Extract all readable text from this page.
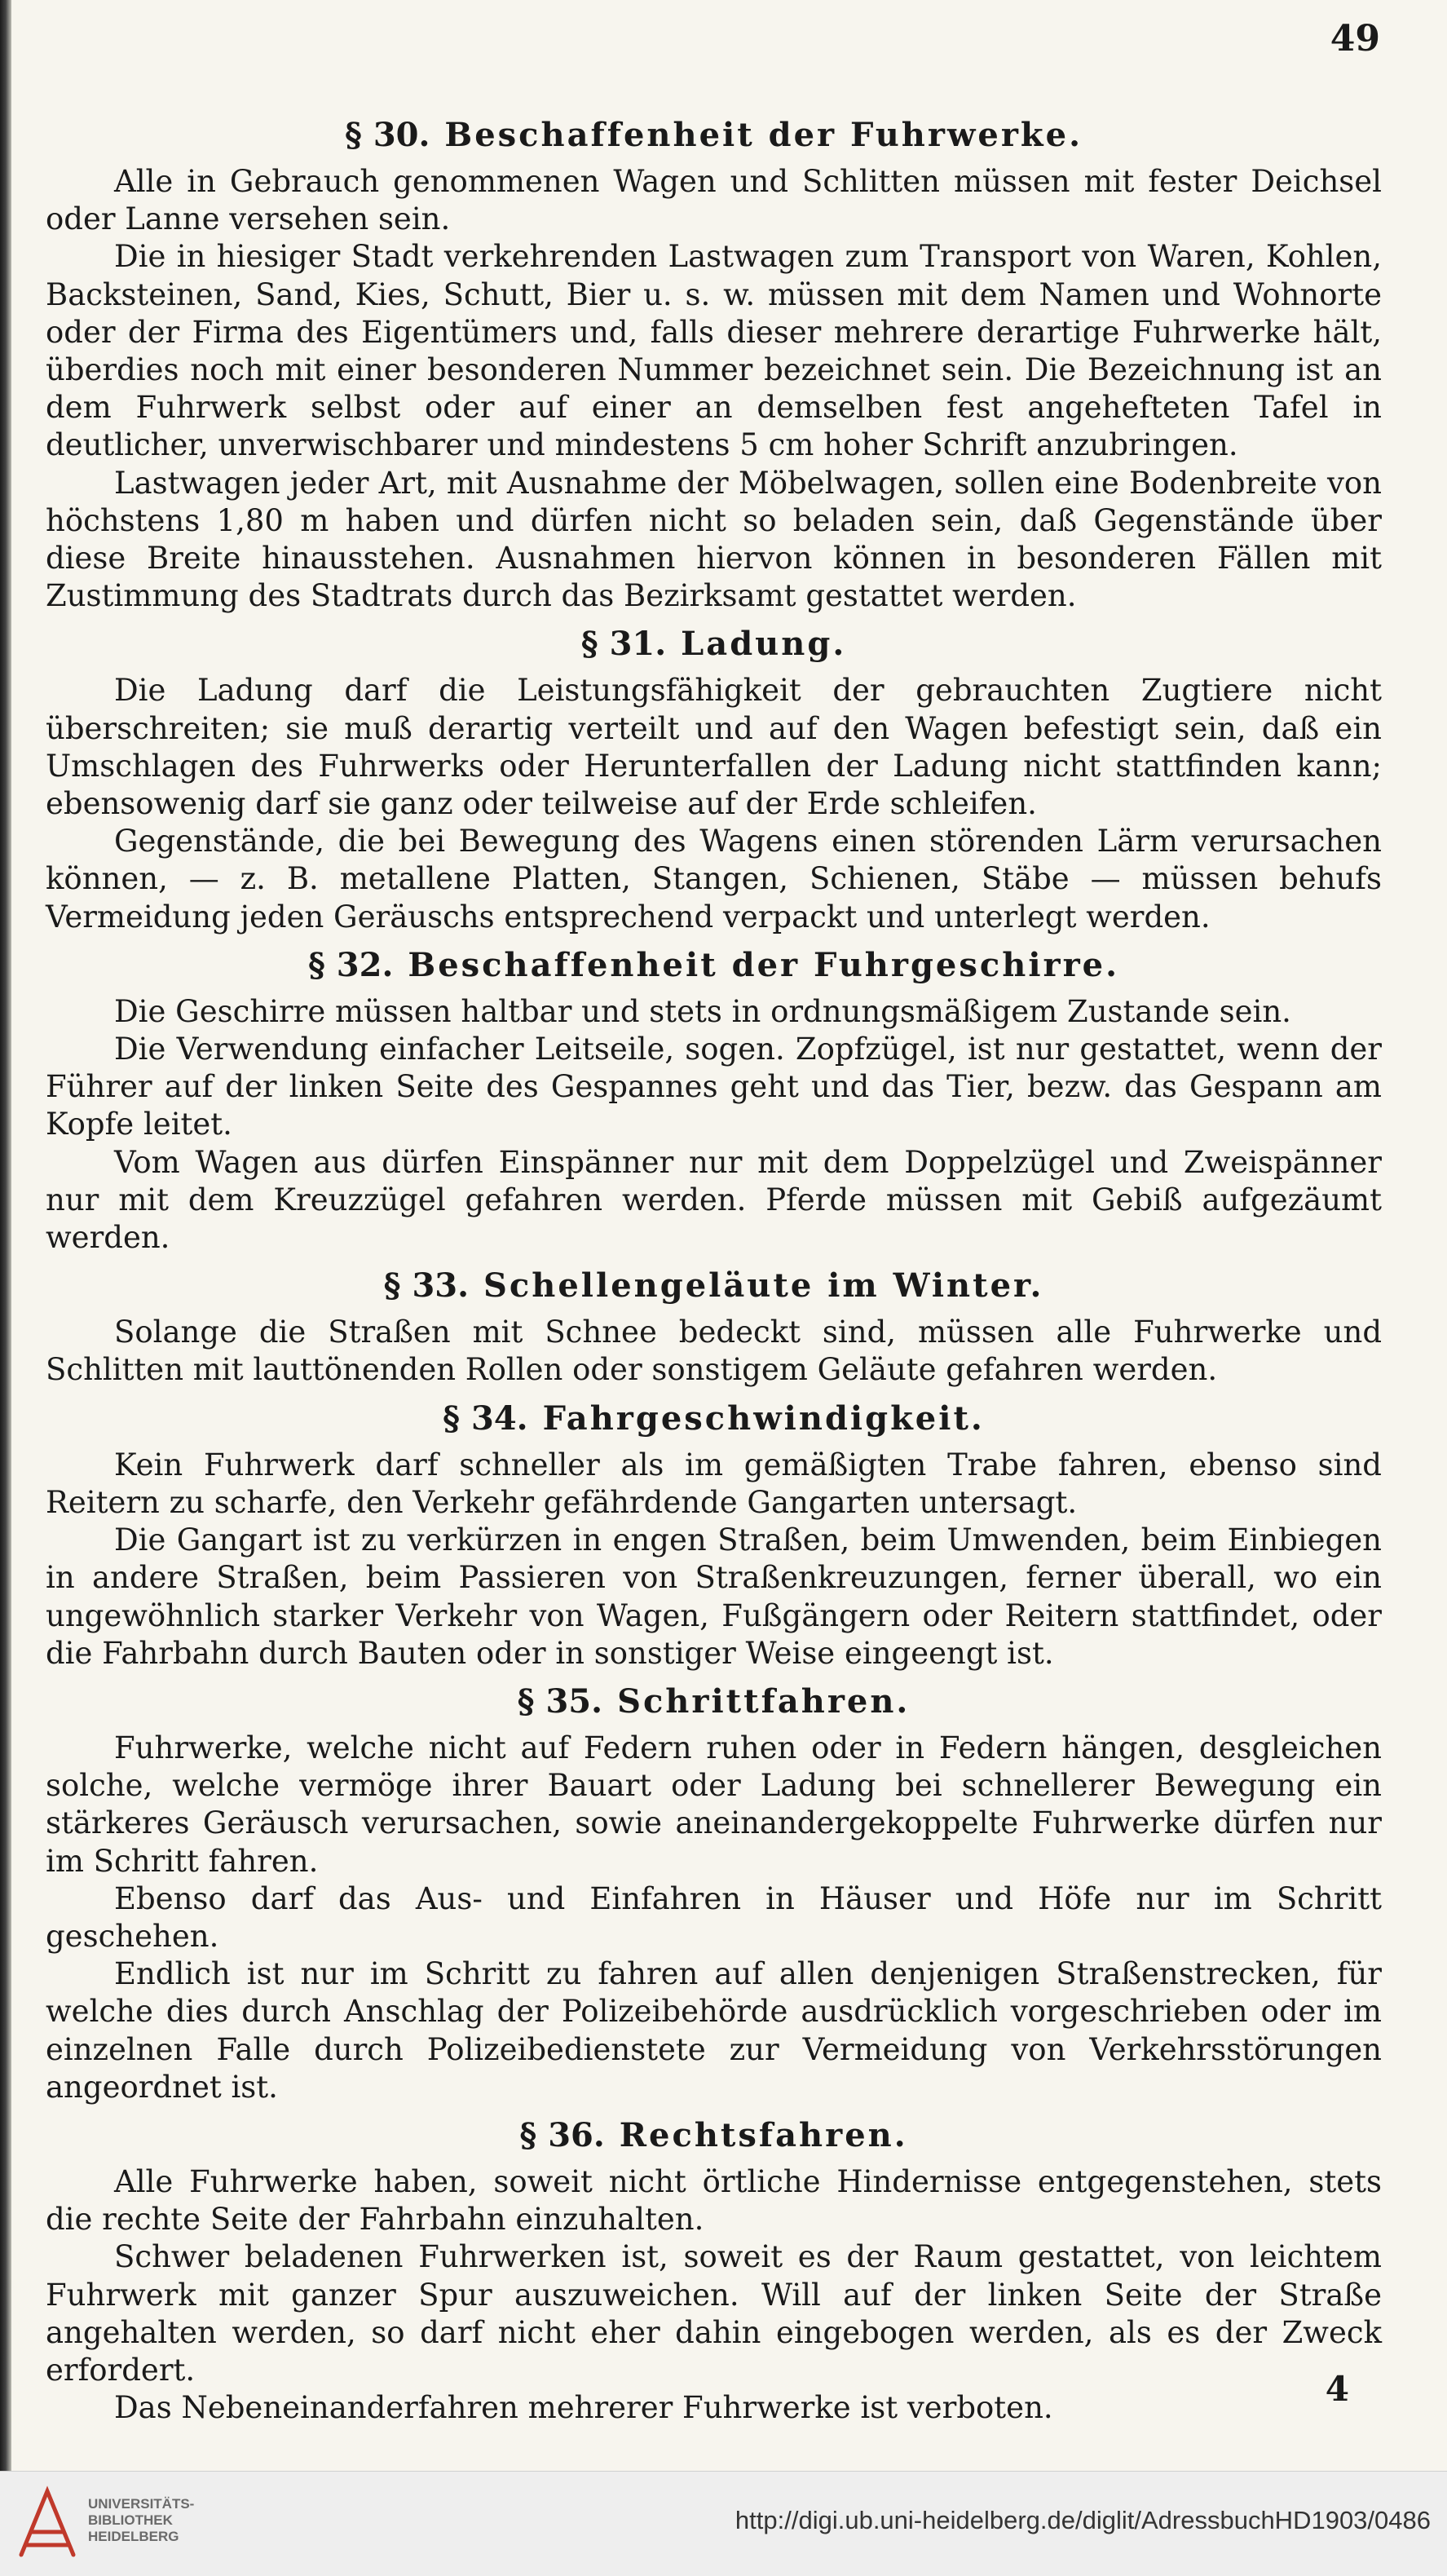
49
§ 30. Beschaffenheit der Fuhrwerke.

Alle in Gebrauch genommenen Wagen und Schlitten müssen mit fester Deichsel oder Lanne versehen sein.

Die in hiesiger Stadt verkehrenden Lastwagen zum Transport von Waren, Kohlen, Backsteinen, Sand, Kies, Schutt, Bier u. s. w. müssen mit dem Namen und Wohnorte oder der Firma des Eigentümers und, falls dieser mehrere derartige Fuhrwerke hält, überdies noch mit einer besonderen Nummer bezeichnet sein. Die Bezeichnung ist an dem Fuhrwerk selbst oder auf einer an demselben fest angehefteten Tafel in deutlicher, unverwischbarer und mindestens 5 cm hoher Schrift anzubringen.

Lastwagen jeder Art, mit Ausnahme der Möbelwagen, sollen eine Bodenbreite von höchstens 1,80 m haben und dürfen nicht so beladen sein, daß Gegenstände über diese Breite hinausstehen. Ausnahmen hiervon können in besonderen Fällen mit Zustimmung des Stadtrats durch das Bezirksamt gestattet werden.

§ 31. Ladung.

Die Ladung darf die Leistungsfähigkeit der gebrauchten Zugtiere nicht überschreiten; sie muß derartig verteilt und auf den Wagen befestigt sein, daß ein Umschlagen des Fuhrwerks oder Herunterfallen der Ladung nicht stattfinden kann; ebensowenig darf sie ganz oder teilweise auf der Erde schleifen.

Gegenstände, die bei Bewegung des Wagens einen störenden Lärm verursachen können, — z. B. metallene Platten, Stangen, Schienen, Stäbe — müssen behufs Vermeidung jeden Geräuschs entsprechend verpackt und unterlegt werden.

§ 32. Beschaffenheit der Fuhrgeschirre.

Die Geschirre müssen haltbar und stets in ordnungsmäßigem Zustande sein.

Die Verwendung einfacher Leitseile, sogen. Zopfzügel, ist nur gestattet, wenn der Führer auf der linken Seite des Gespannes geht und das Tier, bezw. das Gespann am Kopfe leitet.

Vom Wagen aus dürfen Einspänner nur mit dem Doppelzügel und Zweispänner nur mit dem Kreuzzügel gefahren werden. Pferde müssen mit Gebiß aufgezäumt werden.

§ 33. Schellengeläute im Winter.

Solange die Straßen mit Schnee bedeckt sind, müssen alle Fuhrwerke und Schlitten mit lauttönenden Rollen oder sonstigem Geläute gefahren werden.

§ 34. Fahrgeschwindigkeit.

Kein Fuhrwerk darf schneller als im gemäßigten Trabe fahren, ebenso sind Reitern zu scharfe, den Verkehr gefährdende Gangarten untersagt.

Die Gangart ist zu verkürzen in engen Straßen, beim Umwenden, beim Einbiegen in andere Straßen, beim Passieren von Straßenkreuzungen, ferner überall, wo ein ungewöhnlich starker Verkehr von Wagen, Fußgängern oder Reitern stattfindet, oder die Fahrbahn durch Bauten oder in sonstiger Weise eingeengt ist.

§ 35. Schrittfahren.

Fuhrwerke, welche nicht auf Federn ruhen oder in Federn hängen, desgleichen solche, welche vermöge ihrer Bauart oder Ladung bei schnellerer Bewegung ein stärkeres Geräusch verursachen, sowie aneinandergekoppelte Fuhrwerke dürfen nur im Schritt fahren.

Ebenso darf das Aus- und Einfahren in Häuser und Höfe nur im Schritt geschehen.

Endlich ist nur im Schritt zu fahren auf allen denjenigen Straßenstrecken, für welche dies durch Anschlag der Polizeibehörde ausdrücklich vorgeschrieben oder im einzelnen Falle durch Polizeibedienstete zur Vermeidung von Verkehrsstörungen angeordnet ist.

§ 36. Rechtsfahren.

Alle Fuhrwerke haben, soweit nicht örtliche Hindernisse entgegenstehen, stets die rechte Seite der Fahrbahn einzuhalten.

Schwer beladenen Fuhrwerken ist, soweit es der Raum gestattet, von leichtem Fuhrwerk mit ganzer Spur auszuweichen. Will auf der linken Seite der Straße angehalten werden, so darf nicht eher dahin eingebogen werden, als es der Zweck erfordert.

Das Nebeneinanderfahren mehrerer Fuhrwerke ist verboten.	4
UNIVERSITÄTS-
BIBLIOTHEK
HEIDELBERG
http://digi.ub.uni-heidelberg.de/diglit/AdressbuchHD1903/0486
